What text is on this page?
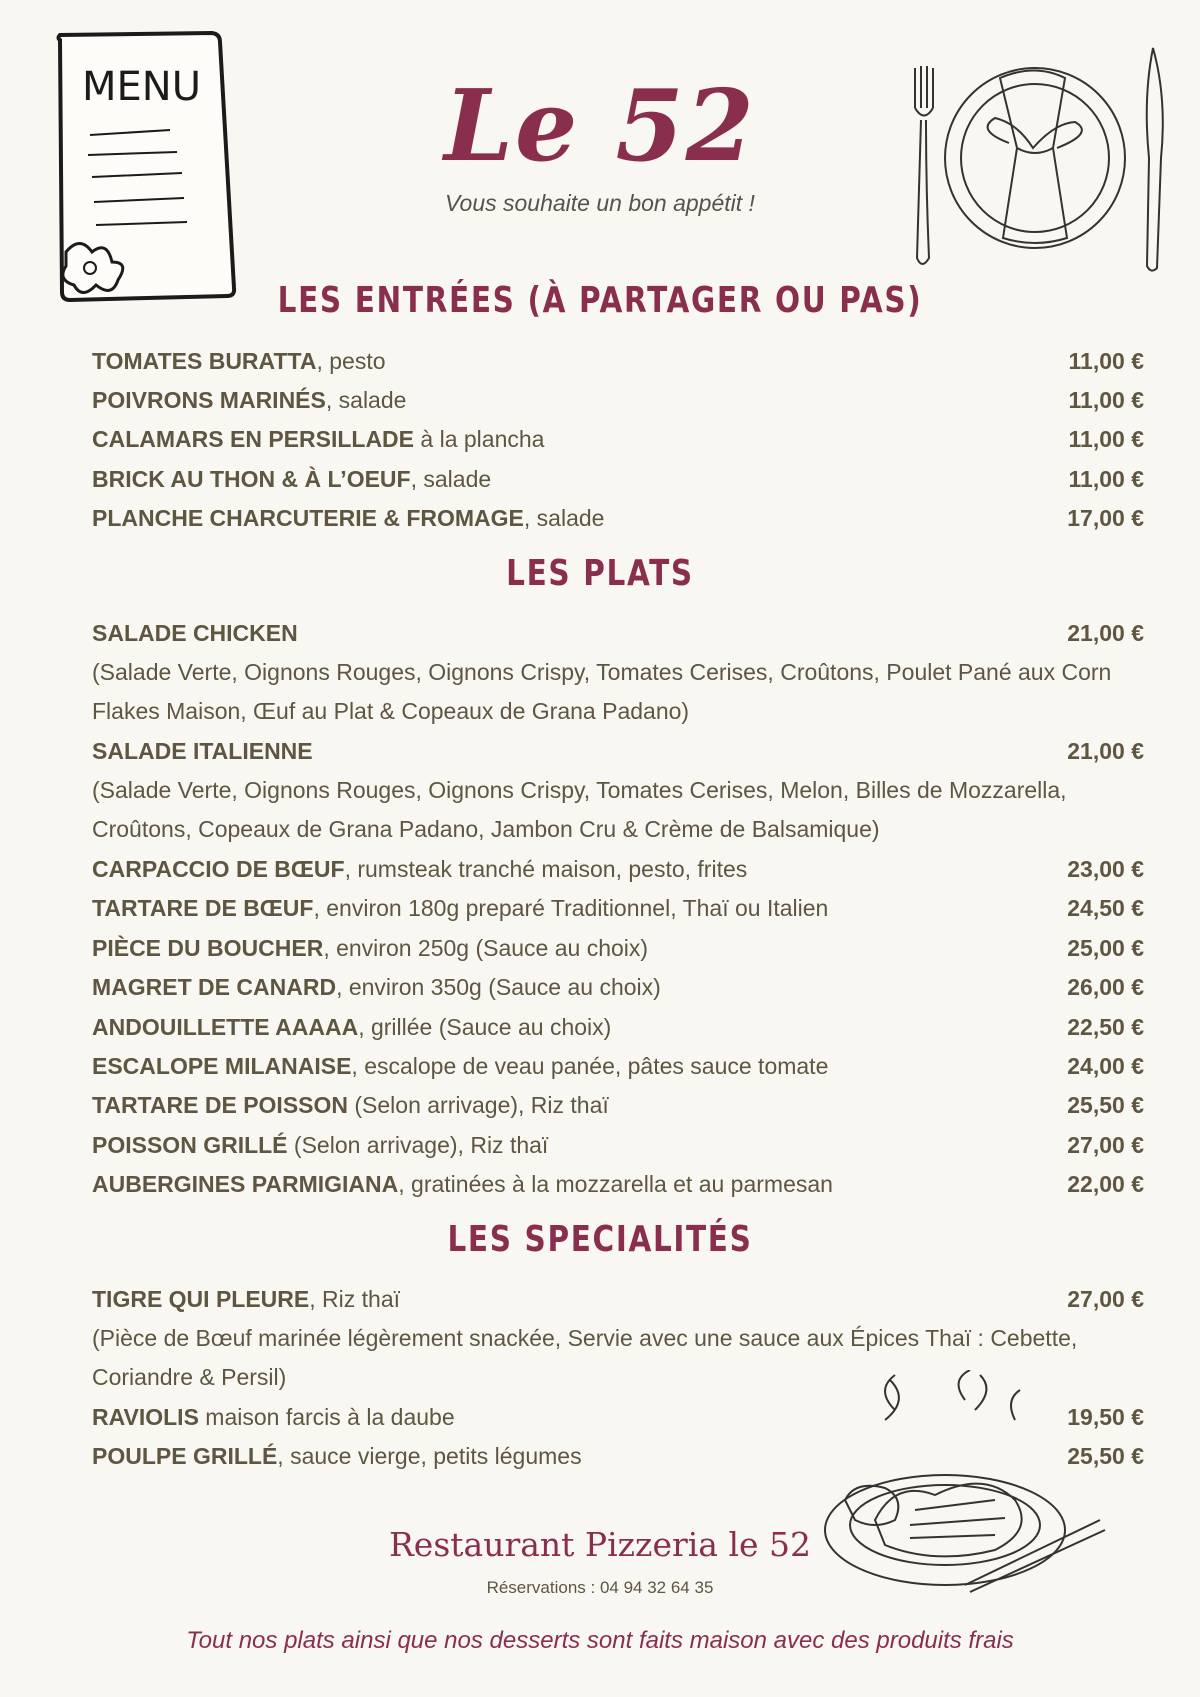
MENU	Le 52
Vous souhaite un bon appétit !
LES ENTRÉES (À PARTAGER OU PAS)
TOMATES BURATTA, pesto	11,00 €
POIVRONS MARINÉS, salade	11,00 €
CALAMARS EN PERSILLADE à la plancha	11,00 €
BRICK AU THON & À L’OEUF, salade	11,00 €
PLANCHE CHARCUTERIE & FROMAGE, salade	17,00 €
LES PLATS
SALADE CHICKEN	21,00 €
(Salade Verte, Oignons Rouges, Oignons Crispy, Tomates Cerises, Croûtons, Poulet Pané aux Corn Flakes Maison, Œuf au Plat & Copeaux de Grana Padano)
SALADE ITALIENNE	21,00 €
(Salade Verte, Oignons Rouges, Oignons Crispy, Tomates Cerises, Melon, Billes de Mozzarella, Croûtons, Copeaux de Grana Padano, Jambon Cru & Crème de Balsamique)
CARPACCIO DE BŒUF, rumsteak tranché maison, pesto, frites	23,00 €
TARTARE DE BŒUF, environ 180g preparé Traditionnel, Thaï ou Italien	24,50 €
PIÈCE DU BOUCHER, environ 250g (Sauce au choix)	25,00 €
MAGRET DE CANARD, environ 350g (Sauce au choix)	26,00 €
ANDOUILLETTE AAAAA, grillée (Sauce au choix)	22,50 €
ESCALOPE MILANAISE, escalope de veau panée, pâtes sauce tomate	24,00 €
TARTARE DE POISSON (Selon arrivage), Riz thaï	25,50 €
POISSON GRILLÉ (Selon arrivage), Riz thaï	27,00 €
AUBERGINES PARMIGIANA, gratinées à la mozzarella et au parmesan	22,00 €
LES SPECIALITÉS
TIGRE QUI PLEURE, Riz thaï	27,00 €
(Pièce de Bœuf marinée légèrement snackée, Servie avec une sauce aux Épices Thaï : Cebette, Coriandre & Persil)
RAVIOLIS maison farcis à la daube	19,50 €
POULPE GRILLÉ, sauce vierge, petits légumes	25,50 €
Restaurant Pizzeria le 52
Réservations : 04 94 32 64 35
Tout nos plats ainsi que nos desserts sont faits maison avec des produits frais
